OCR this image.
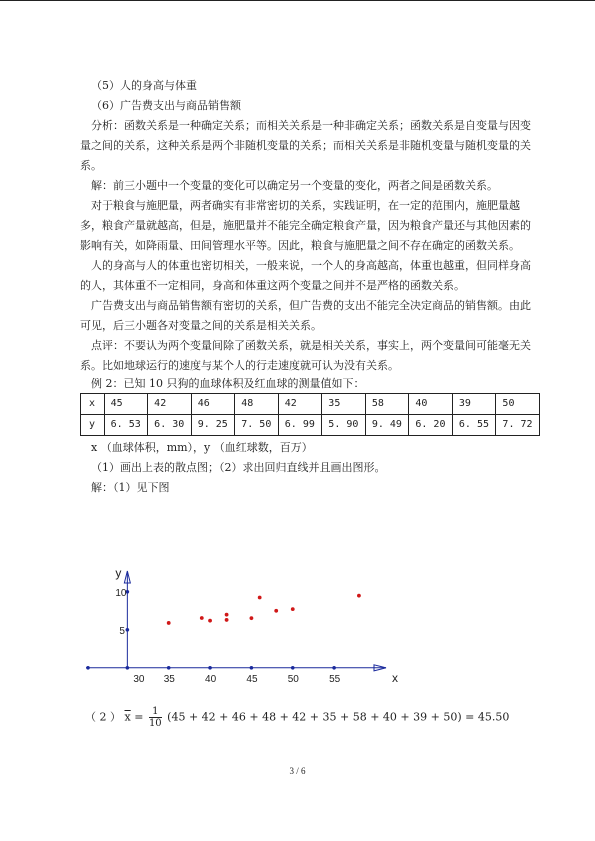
（5）人的身高与体重

（6）广告费支出与商品销售额

分析：函数关系是一种确定关系；而相关关系是一种非确定关系；函数关系是自变量与因变量之间的关系，这种关系是两个非随机变量的关系；而相关关系是非随机变量与随机变量的关系。

解：前三小题中一个变量的变化可以确定另一个变量的变化，两者之间是函数关系。

对于粮食与施肥量，两者确实有非常密切的关系，实践证明，在一定的范围内，施肥量越多，粮食产量就越高，但是，施肥量并不能完全确定粮食产量，因为粮食产量还与其他因素的影响有关，如降雨量、田间管理水平等。因此，粮食与施肥量之间不存在确定的函数关系。

人的身高与人的体重也密切相关，一般来说，一个人的身高越高，体重也越重，但同样身高的人，其体重不一定相同，身高和体重这两个变量之间并不是严格的函数关系。

广告费支出与商品销售额有密切的关系，但广告费的支出不能完全决定商品的销售额。由此可见，后三小题各对变量之间的关系是相关关系。

点评：不要认为两个变量间除了函数关系，就是相关关系，事实上，两个变量间可能毫无关系。比如地球运行的速度与某个人的行走速度就可认为没有关系。

例 2：已知 10 只狗的血球体积及红血球的测量值如下：

x	45	42	46	48	42	35	58	40	39	50
y	6. 53	6. 30	9. 25	7. 50	6. 99	5. 90	9. 49	6. 20	6. 55	7. 72

x （血球体积，mm），y （血红球数，百万）

（1）画出上表的散点图；（2）求出回归直线并且画出图形。

解：（1）见下图

x
y
30 35	40	45	50	55
5
10
（ 2 ） $\overline{x} = \frac{1}{10} (45 + 42 + 46 + 48 + 42 + 35 + 58 + 40 + 39 + 50) = 45.50$
3 / 6
